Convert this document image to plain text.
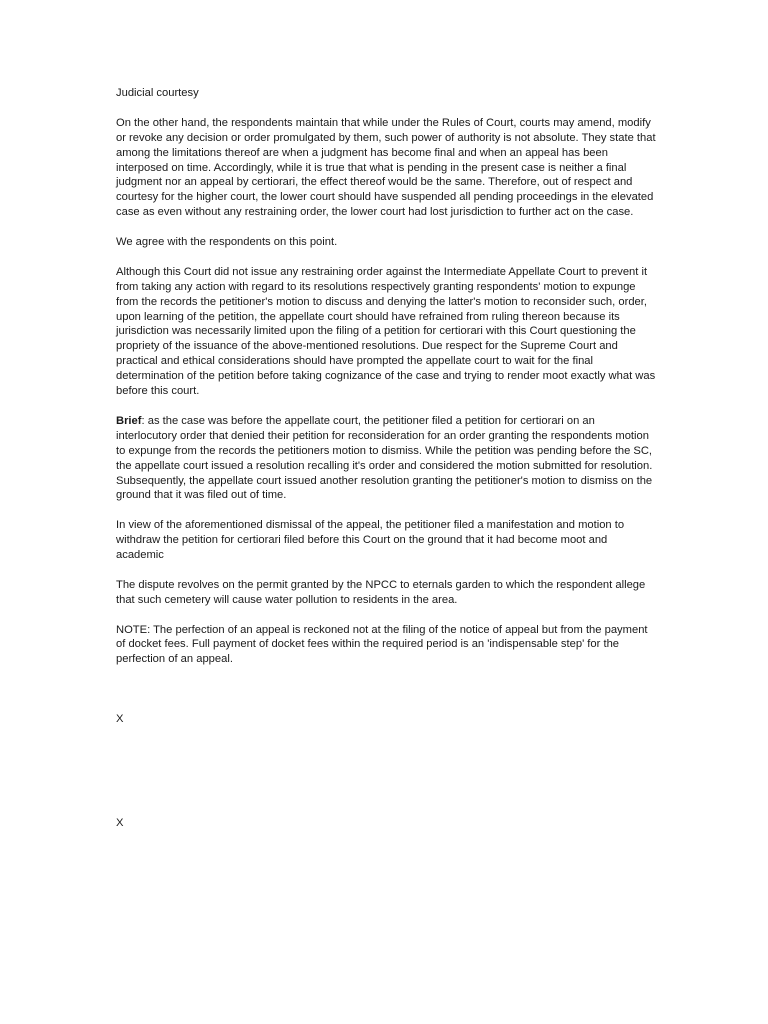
Judicial courtesy

On the other hand, the respondents maintain that while under the Rules of Court, courts may amend, modify or revoke any decision or order promulgated by them, such power of authority is not absolute. They state that among the limitations thereof are when a judgment has become final and when an appeal has been interposed on time. Accordingly, while it is true that what is pending in the present case is neither a final judgment nor an appeal by certiorari, the effect thereof would be the same. Therefore, out of respect and courtesy for the higher court, the lower court should have suspended all pending proceedings in the elevated case as even without any restraining order, the lower court had lost jurisdiction to further act on the case.

We agree with the respondents on this point.

Although this Court did not issue any restraining order against the Intermediate Appellate Court to prevent it from taking any action with regard to its resolutions respectively granting respondents' motion to expunge from the records the petitioner's motion to discuss and denying the latter's motion to reconsider such, order, upon learning of the petition, the appellate court should have refrained from ruling thereon because its jurisdiction was necessarily limited upon the filing of a petition for certiorari with this Court questioning the propriety of the issuance of the above-mentioned resolutions. Due respect for the Supreme Court and practical and ethical considerations should have prompted the appellate court to wait for the final determination of the petition before taking cognizance of the case and trying to render moot exactly what was before this court.

Brief: as the case was before the appellate court, the petitioner filed a petition for certiorari on an interlocutory order that denied their petition for reconsideration for an order granting the respondents motion to expunge from the records the petitioners motion to dismiss. While the petition was pending before the SC, the appellate court issued a resolution recalling it's order and considered the motion submitted for resolution. Subsequently, the appellate court issued another resolution granting the petitioner's motion to dismiss on the ground that it was filed out of time.

In view of the aforementioned dismissal of the appeal, the petitioner filed a manifestation and motion to withdraw the petition for certiorari filed before this Court on the ground that it had become moot and academic

The dispute revolves on the permit granted by the NPCC to eternals garden to which the respondent allege that such cemetery will cause water pollution to residents in the area.

NOTE: The perfection of an appeal is reckoned not at the filing of the notice of appeal but from the payment of docket fees. Full payment of docket fees within the required period is an 'indispensable step' for the perfection of an appeal.

X
X
